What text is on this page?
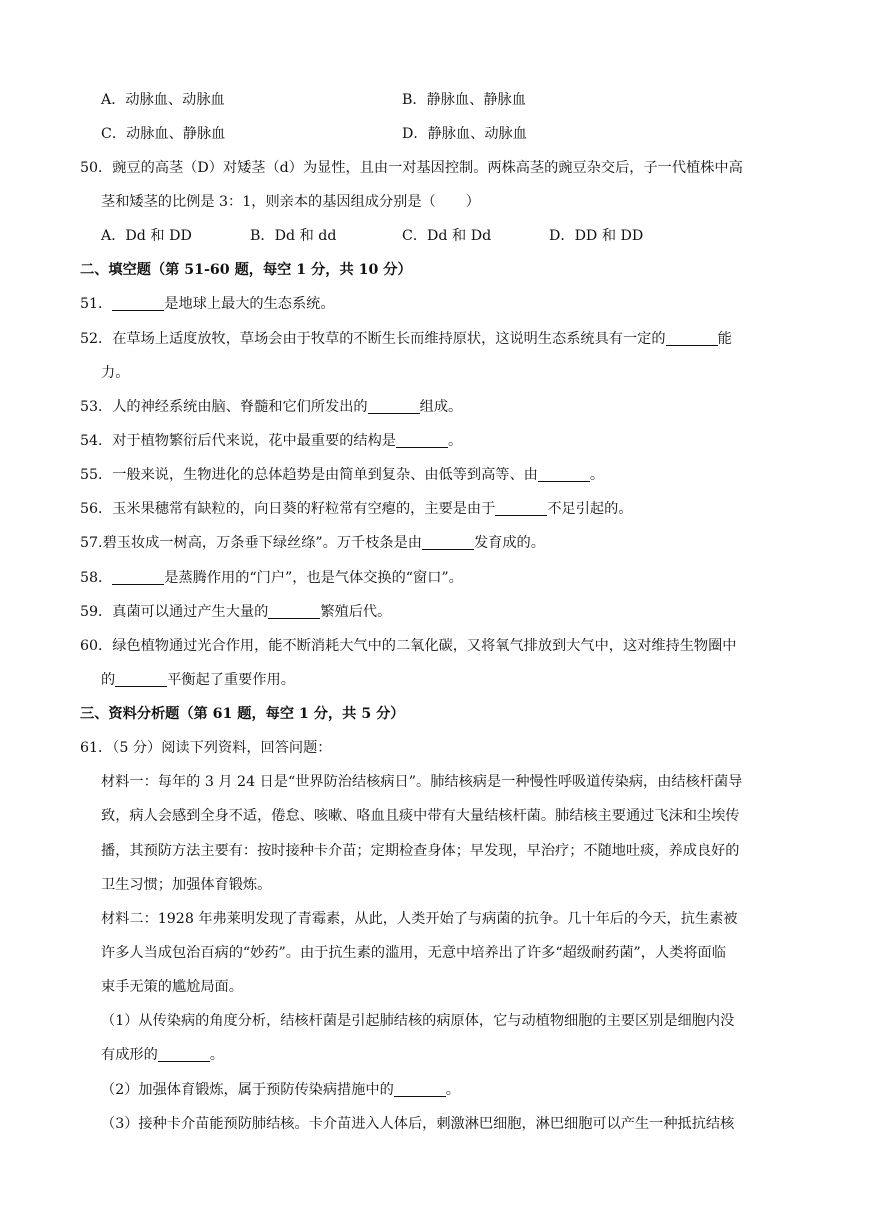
A．动脉血、动脉血	B．静脉血、静脉血
C．动脉血、静脉血	D．静脉血、动脉血
50．豌豆的高茎（D）对矮茎（d）为显性，且由一对基因控制。两株高茎的豌豆杂交后，子一代植株中高
茎和矮茎的比例是 3：1，则亲本的基因组成分别是（ ）
A．Dd 和 DD	B．Dd 和 dd	C．Dd 和 Dd	D．DD 和 DD
二、填空题（第 51-60 题，每空 1 分，共 10 分）
51．	是地球上最大的生态系统。
52．在草场上适度放牧，草场会由于牧草的不断生长而维持原状，这说明生态系统具有一定的	能
力。
53．人的神经系统由脑、脊髓和它们所发出的	组成。
54．对于植物繁衍后代来说，花中最重要的结构是	。
55．一般来说，生物进化的总体趋势是由简单到复杂、由低等到高等、由	。
56．玉米果穗常有缺粒的，向日葵的籽粒常有空瘪的，主要是由于	不足引起的。
57.碧玉妆成一树高，万条垂下绿丝绦”。万千枝条是由	发育成的。
58．	是蒸腾作用的“门户”，也是气体交换的“窗口”。
59．真菌可以通过产生大量的	繁殖后代。
60．绿色植物通过光合作用，能不断消耗大气中的二氧化碳，又将氧气排放到大气中，这对维持生物圈中
的	平衡起了重要作用。
三、资料分析题（第 61 题，每空 1 分，共 5 分）
61．（5 分）阅读下列资料，回答问题：
材料一：每年的 3 月 24 日是“世界防治结核病日”。肺结核病是一种慢性呼吸道传染病，由结核杆菌导
致，病人会感到全身不适，倦怠、咳嗽、咯血且痰中带有大量结核杆菌。肺结核主要通过飞沫和尘埃传
播，其预防方法主要有：按时接种卡介苗；定期检查身体；早发现，早治疗；不随地吐痰，养成良好的
卫生习惯；加强体育锻炼。
材料二：1928 年弗莱明发现了青霉素，从此，人类开始了与病菌的抗争。几十年后的今天，抗生素被
许多人当成包治百病的“妙药”。由于抗生素的滥用，无意中培养出了许多“超级耐药菌”，人类将面临
束手无策的尴尬局面。
（1）从传染病的角度分析，结核杆菌是引起肺结核的病原体，它与动植物细胞的主要区别是细胞内没
有成形的	。
（2）加强体育锻炼，属于预防传染病措施中的	。
（3）接种卡介苗能预防肺结核。卡介苗进入人体后，刺激淋巴细胞，淋巴细胞可以产生一种抵抗结核
